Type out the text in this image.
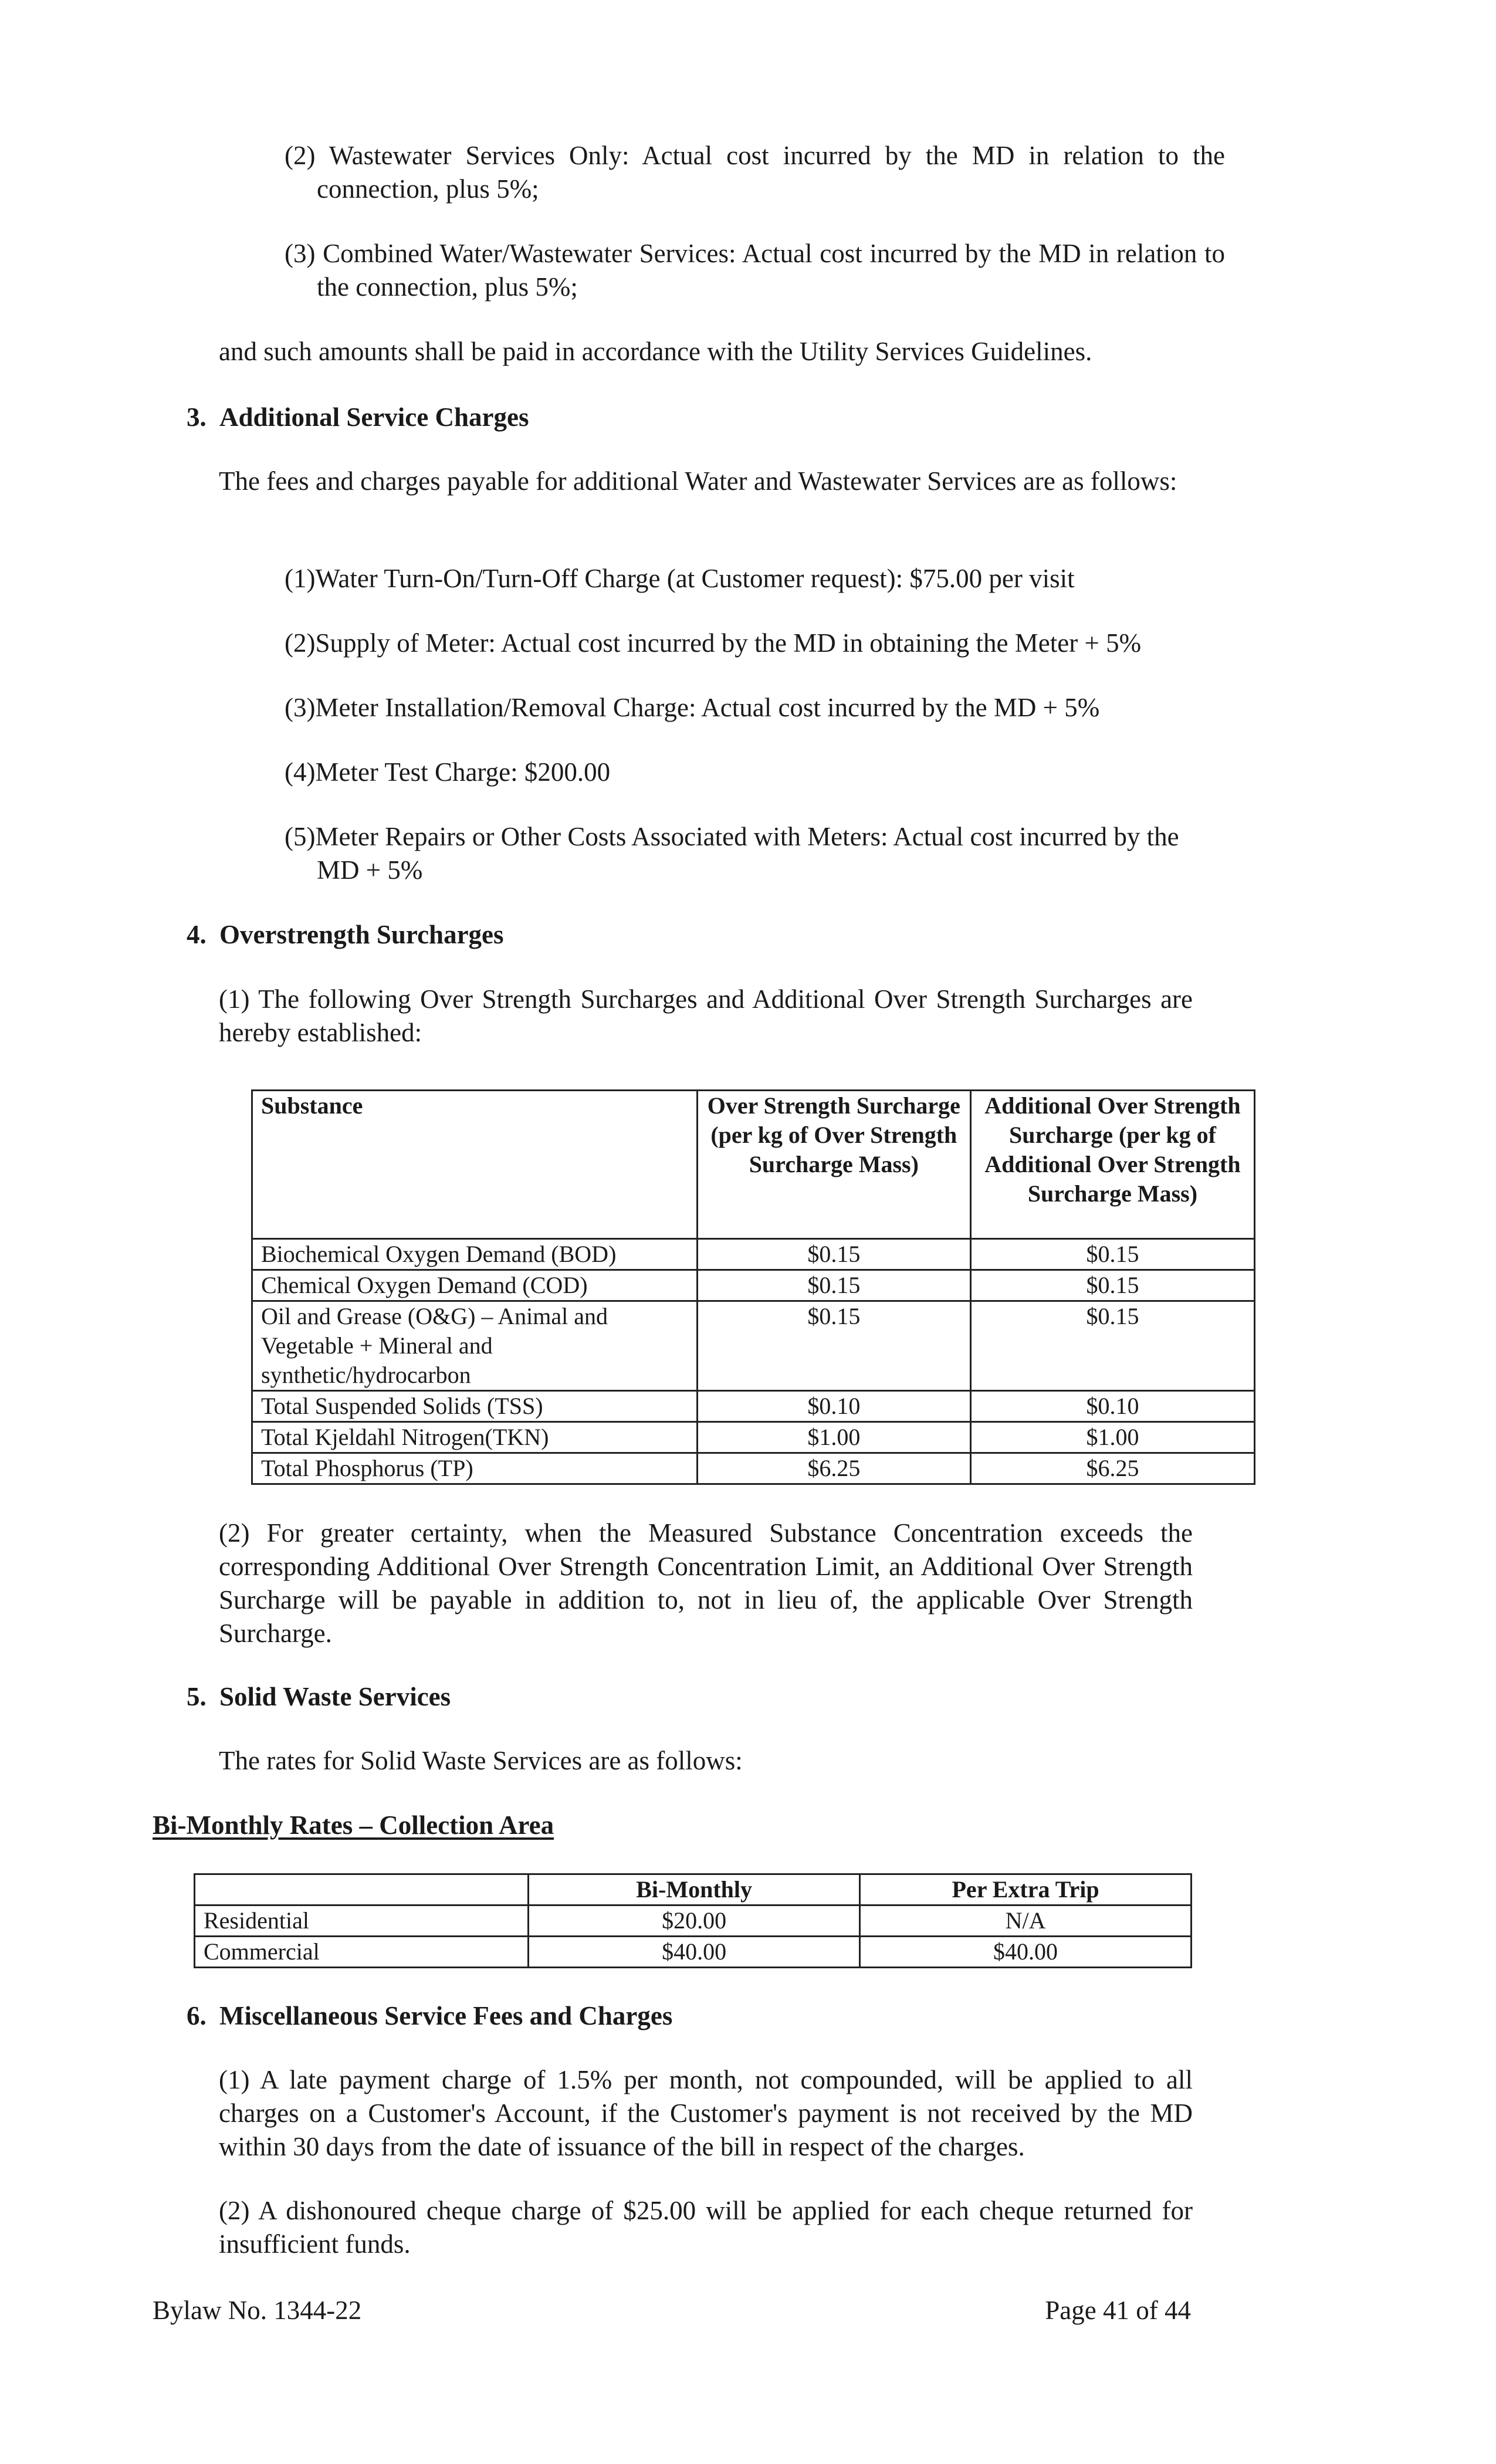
(2) Wastewater Services Only: Actual cost incurred by the MD in relation to the connection, plus 5%;
(3) Combined Water/Wastewater Services: Actual cost incurred by the MD in relation to the connection, plus 5%;
and such amounts shall be paid in accordance with the Utility Services Guidelines.
3. Additional Service Charges
The fees and charges payable for additional Water and Wastewater Services are as follows:
(1)Water Turn-On/Turn-Off Charge (at Customer request): $75.00 per visit
(2)Supply of Meter: Actual cost incurred by the MD in obtaining the Meter + 5%
(3)Meter Installation/Removal Charge: Actual cost incurred by the MD + 5%
(4)Meter Test Charge: $200.00
(5)Meter Repairs or Other Costs Associated with Meters: Actual cost incurred by the MD + 5%
4. Overstrength Surcharges
(1) The following Over Strength Surcharges and Additional Over Strength Surcharges are hereby established:
Substance	Over Strength Surcharge (per kg of Over Strength Surcharge Mass)	Additional Over Strength Surcharge (per kg of Additional Over Strength Surcharge Mass)
Biochemical Oxygen Demand (BOD)	$0.15	$0.15
Chemical Oxygen Demand (COD)	$0.15	$0.15
Oil and Grease (O&G) – Animal and Vegetable + Mineral and synthetic/hydrocarbon	$0.15	$0.15
Total Suspended Solids (TSS)	$0.10	$0.10
Total Kjeldahl Nitrogen(TKN)	$1.00	$1.00
Total Phosphorus (TP)	$6.25	$6.25
(2) For greater certainty, when the Measured Substance Concentration exceeds the corresponding Additional Over Strength Concentration Limit, an Additional Over Strength Surcharge will be payable in addition to, not in lieu of, the applicable Over Strength Surcharge.
5. Solid Waste Services
The rates for Solid Waste Services are as follows:
Bi-Monthly Rates – Collection Area
	Bi-Monthly	Per Extra Trip
Residential	$20.00	N/A
Commercial	$40.00	$40.00
6. Miscellaneous Service Fees and Charges
(1) A late payment charge of 1.5% per month, not compounded, will be applied to all charges on a Customer's Account, if the Customer's payment is not received by the MD within 30 days from the date of issuance of the bill in respect of the charges.
(2) A dishonoured cheque charge of $25.00 will be applied for each cheque returned for insufficient funds.
Bylaw No. 1344-22	Page 41 of 44
